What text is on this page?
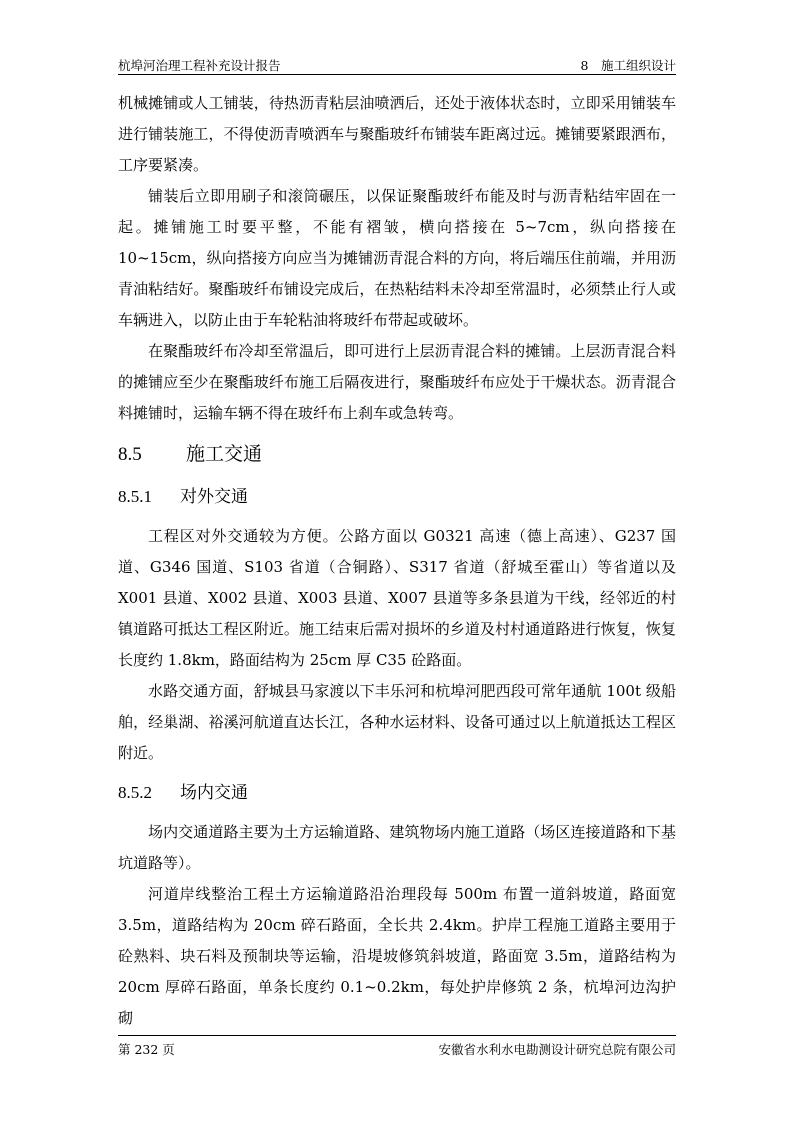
杭埠河治理工程补充设计报告	8　施工组织设计

机械摊铺或人工铺装，待热沥青粘层油喷洒后，还处于液体状态时，立即采用铺装车进行铺装施工，不得使沥青喷洒车与聚酯玻纤布铺装车距离过远。摊铺要紧跟洒布，工序要紧凑。

铺装后立即用刷子和滚筒碾压，以保证聚酯玻纤布能及时与沥青粘结牢固在一起。摊铺施工时要平整，不能有褶皱，横向搭接在 5~7cm，纵向搭接在 10~15cm，纵向搭接方向应当为摊铺沥青混合料的方向，将后端压住前端，并用沥青油粘结好。聚酯玻纤布铺设完成后，在热粘结料未冷却至常温时，必须禁止行人或车辆进入，以防止由于车轮粘油将玻纤布带起或破坏。

在聚酯玻纤布冷却至常温后，即可进行上层沥青混合料的摊铺。上层沥青混合料的摊铺应至少在聚酯玻纤布施工后隔夜进行，聚酯玻纤布应处于干燥状态。沥青混合料摊铺时，运输车辆不得在玻纤布上刹车或急转弯。

8.5 施工交通
8.5.1 对外交通

工程区对外交通较为方便。公路方面以 G0321 高速（德上高速）、G237 国道、G346 国道、S103 省道（合铜路）、S317 省道（舒城至霍山）等省道以及 X001 县道、X002 县道、X003 县道、X007 县道等多条县道为干线，经邻近的村镇道路可抵达工程区附近。施工结束后需对损坏的乡道及村村通道路进行恢复，恢复长度约 1.8km，路面结构为 25cm 厚 C35 砼路面。

水路交通方面，舒城县马家渡以下丰乐河和杭埠河肥西段可常年通航 100t 级船舶，经巢湖、裕溪河航道直达长江，各种水运材料、设备可通过以上航道抵达工程区附近。

8.5.2 场内交通

场内交通道路主要为土方运输道路、建筑物场内施工道路（场区连接道路和下基坑道路等）。

河道岸线整治工程土方运输道路沿治理段每 500m 布置一道斜坡道，路面宽 3.5m，道路结构为 20cm 碎石路面，全长共 2.4km。护岸工程施工道路主要用于砼熟料、块石料及预制块等运输，沿堤坡修筑斜坡道，路面宽 3.5m，道路结构为 20cm 厚碎石路面，单条长度约 0.1~0.2km，每处护岸修筑 2 条，杭埠河边沟护砌

第 232 页	安徽省水利水电勘测设计研究总院有限公司
